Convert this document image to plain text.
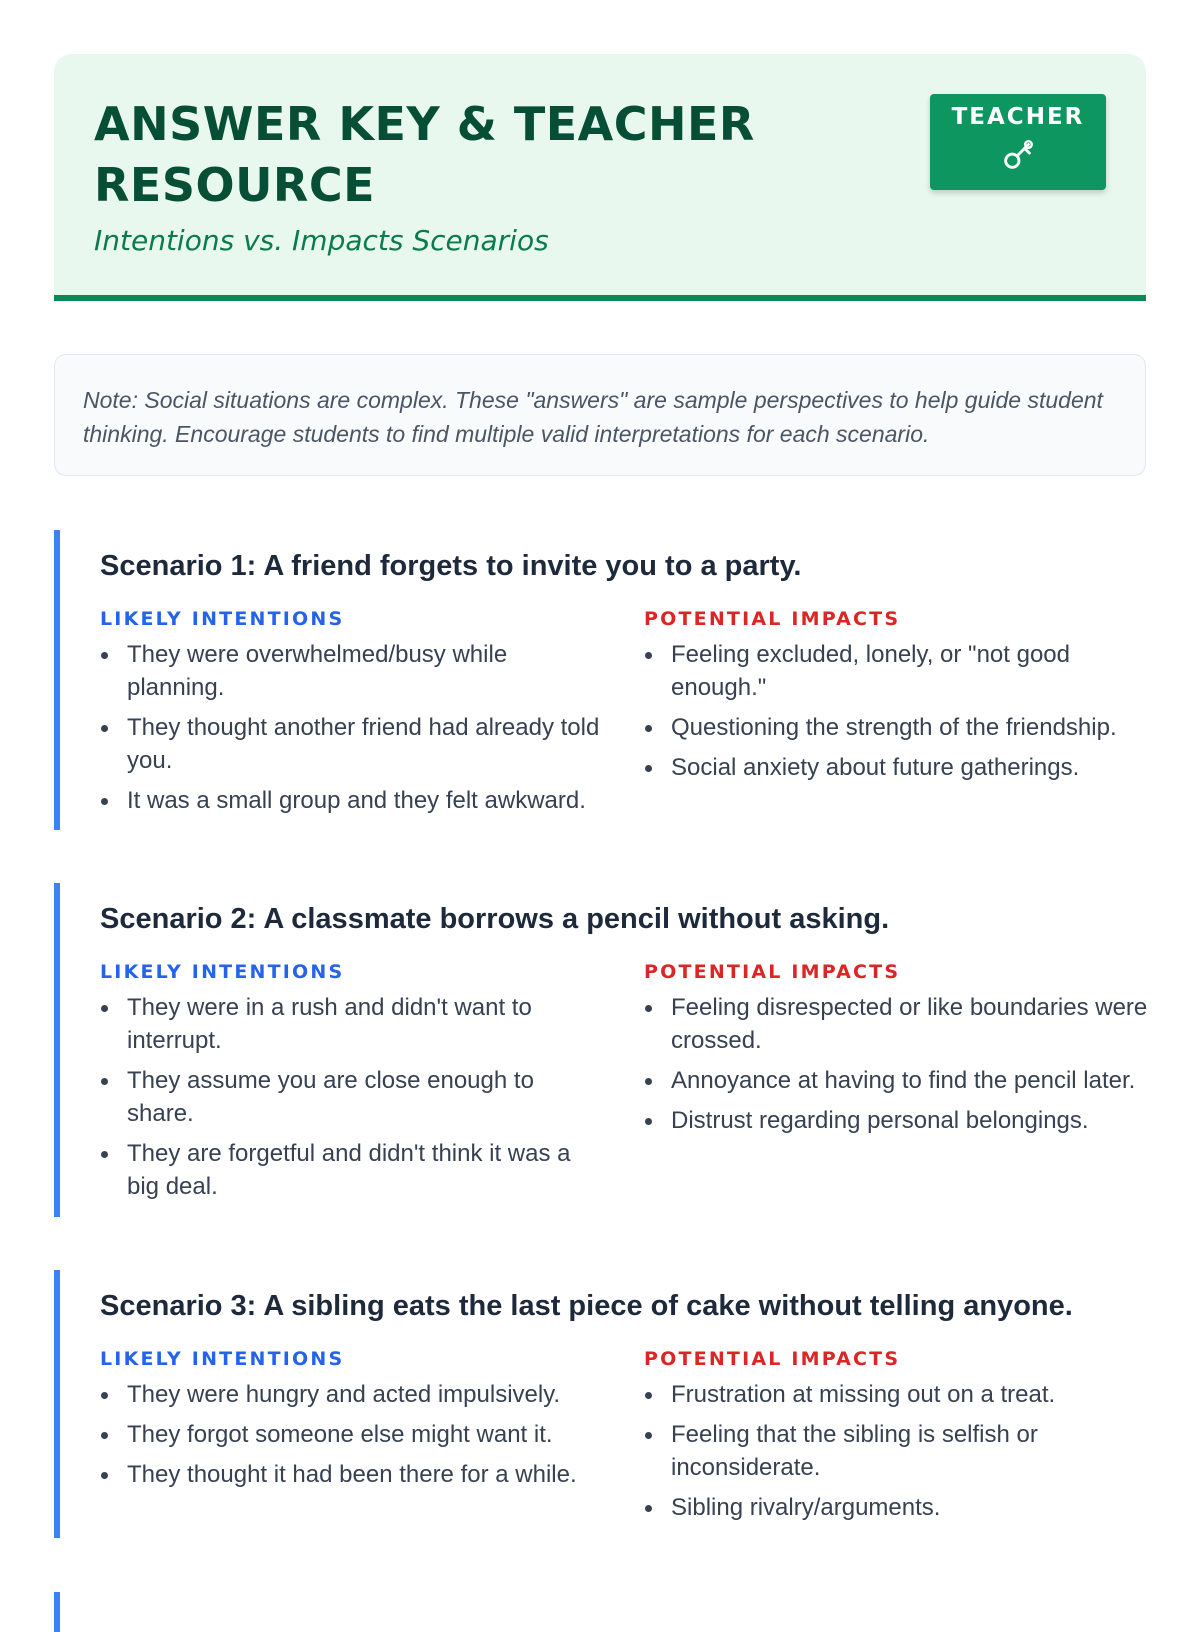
ANSWER KEY & TEACHER RESOURCE

Intentions vs. Impacts Scenarios

TEACHER
Note: Social situations are complex. These "answers" are sample perspectives to help guide student thinking. Encourage students to find multiple valid interpretations for each scenario.
Scenario 1: A friend forgets to invite you to a party.

LIKELY INTENTIONS

They were overwhelmed/busy while planning.
They thought another friend had already told you.
It was a small group and they felt awkward.

POTENTIAL IMPACTS

Feeling excluded, lonely, or "not good enough."
Questioning the strength of the friendship.
Social anxiety about future gatherings.
Scenario 2: A classmate borrows a pencil without asking.

LIKELY INTENTIONS

They were in a rush and didn't want to interrupt.
They assume you are close enough to share.
They are forgetful and didn't think it was a big deal.

POTENTIAL IMPACTS

Feeling disrespected or like boundaries were crossed.
Annoyance at having to find the pencil later.
Distrust regarding personal belongings.
Scenario 3: A sibling eats the last piece of cake without telling anyone.

LIKELY INTENTIONS

They were hungry and acted impulsively.
They forgot someone else might want it.
They thought it had been there for a while.

POTENTIAL IMPACTS

Frustration at missing out on a treat.
Feeling that the sibling is selfish or inconsiderate.
Sibling rivalry/arguments.
